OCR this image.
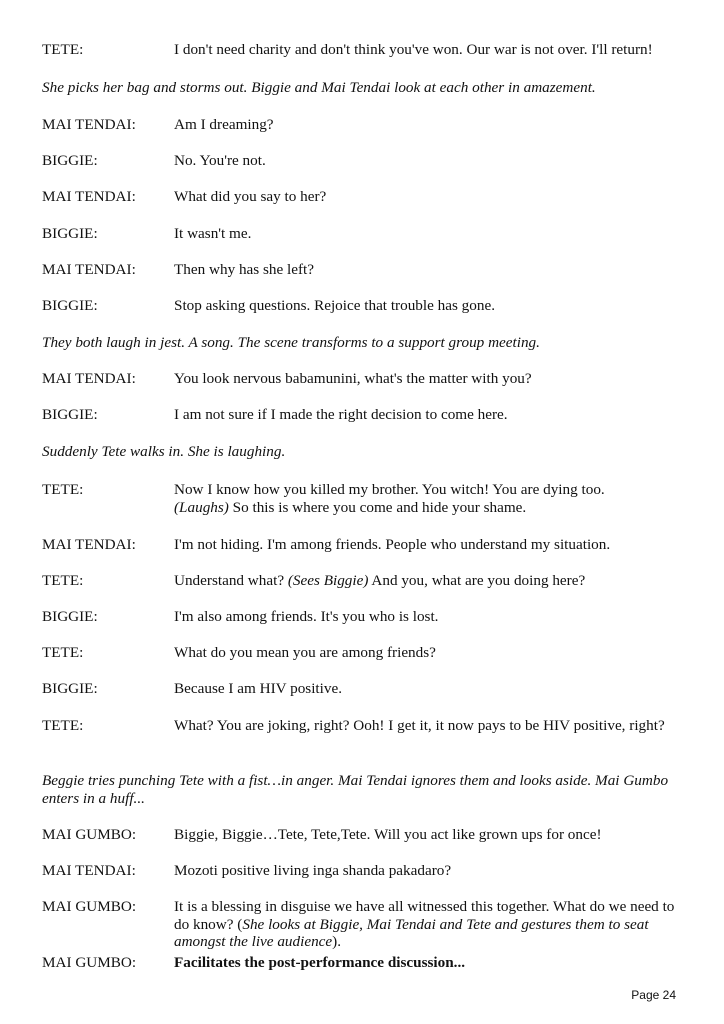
TETE:	I don't need charity and don't think you've won. Our war is not over. I'll return!
She picks her bag and storms out. Biggie and Mai Tendai look at each other in amazement.
MAI TENDAI:	Am I dreaming?
BIGGIE:	No. You're not.
MAI TENDAI:	What did you say to her?
BIGGIE:	It wasn't me.
MAI TENDAI:	Then why has she left?
BIGGIE:	Stop asking questions. Rejoice that trouble has gone.
They both laugh in jest. A song. The scene transforms to a support group meeting.
MAI TENDAI:	You look nervous babamunini, what's the matter with you?
BIGGIE:	I am not sure if I made the right decision to come here.
Suddenly Tete walks in. She is laughing.
TETE:	Now I know how you killed my brother. You witch! You are dying too.
(Laughs) So this is where you come and hide your shame.
MAI TENDAI:	I'm not hiding. I'm among friends. People who understand my situation.
TETE:	Understand what? (Sees Biggie) And you, what are you doing here?
BIGGIE:	I'm also among friends. It's you who is lost.
TETE:	What do you mean you are among friends?
BIGGIE:	Because I am HIV positive.
TETE:	What? You are joking, right? Ooh! I get it, it now pays to be HIV positive, right?
Beggie tries punching Tete with a fist…in anger. Mai Tendai ignores them and looks aside. Mai Gumbo enters in a huff...
MAI GUMBO:	Biggie, Biggie…Tete, Tete,Tete. Will you act like grown ups for once!
MAI TENDAI:	Mozoti positive living inga shanda pakadaro?
MAI GUMBO:	It is a blessing in disguise we have all witnessed this together. What do we need to do know? (She looks at Biggie, Mai Tendai and Tete and gestures them to seat amongst the live audience).
MAI GUMBO:	Facilitates the post-performance discussion...
Page 24
